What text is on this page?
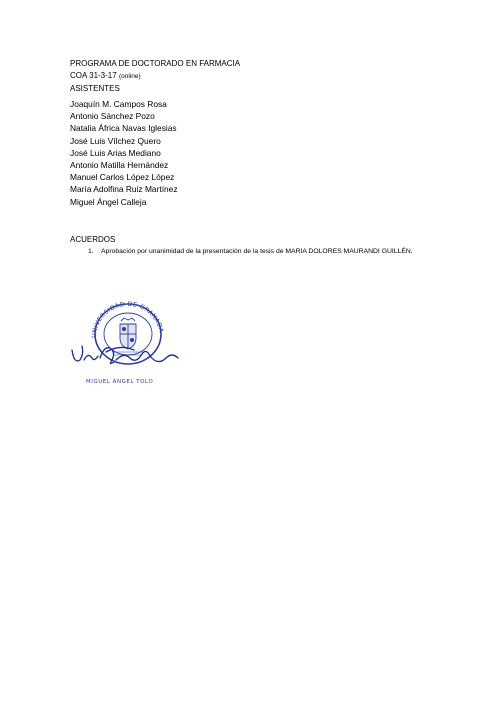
PROGRAMA DE DOCTORADO EN FARMACIA
COA 31-3-17 (online)
ASISTENTES
Joaquín M. Campos Rosa
Antonio Sánchez Pozo
Natalia África Navas Iglesias
José Luis Vílchez Quero
José Luis Arias Mediano
Antonio Matilla Hernández
Manuel Carlos López López
María Adolfina Ruiz Martínez
Miguel Ángel Calleja
ACUERDOS
1. Aprobación por unanimidad de la presentación de la tesis de MARIA DOLORES MAURANDI GUILLÉN.
UNIVERSIDAD DE GRANADA
MIGUEL ÁNGEL TOLO
